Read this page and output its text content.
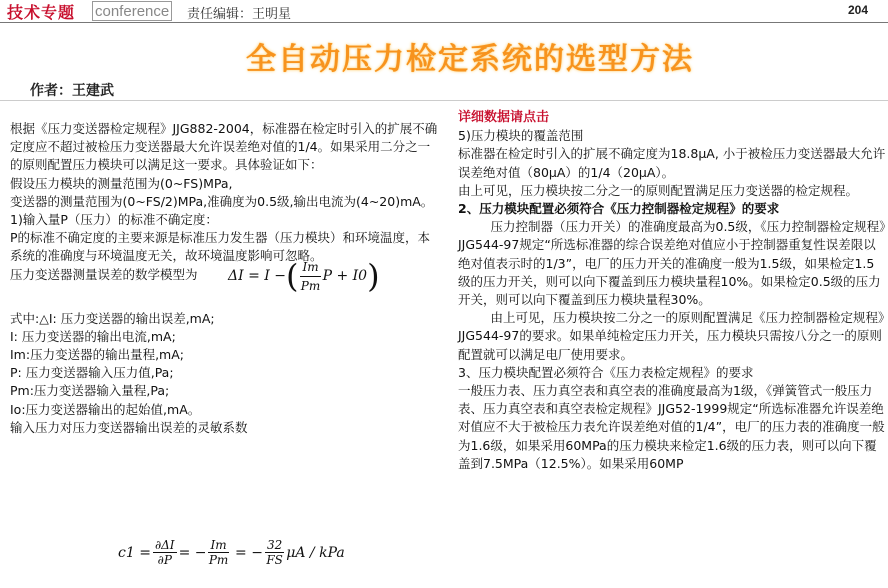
技术专题 conference 责任编辑：王明星	204
全自动压力检定系统的选型方法
作者：王建武

根据《压力变送器检定规程》JJG882-2004，标准器在检定时引入的扩展不确定度应不超过被检压力变送器最大允许误差绝对值的1/4。如果采用二分之一的原则配置压力模块可以满足这一要求。具体验证如下：

假设压力模块的测量范围为(0~FS)MPa,

变送器的测量范围为(0~FS/2)MPa,准确度为0.5级,输出电流为(4~20)mA。

1)输入量P（压力）的标准不确定度：

P的标准不确定度的主要来源是标准压力发生器（压力模块）和环境温度，本系统的准确度与环境温度无关，故环境温度影响可忽略。

压力变送器测量误差的数学模型为	ΔI = I − ( $\frac{Im}{Pm}$ P + I0 )

式中:△I: 压力变送器的输出误差,mA;

I: 压力变送器的输出电流,mA;

Im:压力变送器的输出量程,mA;

P: 压力变送器输入压力值,Pa;

Pm:压力变送器输入量程,Pa;

Io:压力变送器输出的起始值,mA。

输入压力对压力变送器输出误差的灵敏系数

$c1 = \frac{\partial\Delta I}{\partial P}$ = − $\frac{Im}{Pm}$ = − $\frac{32}{FS}$ μA / kPa

详细数据请点击

5)压力模块的覆盖范围

标准器在检定时引入的扩展不确定度为18.8μA, 小于被检压力变送器最大允许误差绝对值（80μA）的1/4（20μA）。

由上可见，压力模块按二分之一的原则配置满足压力变送器的检定规程。

2、压力模块配置必须符合《压力控制器检定规程》的要求

压力控制器（压力开关）的准确度最高为0.5级，《压力控制器检定规程》JJG544-97规定“所选标准器的综合误差绝对值应小于控制器重复性误差限以绝对值表示时的1/3”，电厂的压力开关的准确度一般为1.5级，如果检定1.5级的压力开关，则可以向下覆盖到压力模块量程10%。如果检定0.5级的压力开关，则可以向下覆盖到压力模块量程30%。

由上可见，压力模块按二分之一的原则配置满足《压力控制器检定规程》JJG544-97的要求。如果单纯检定压力开关，压力模块只需按八分之一的原则配置就可以满足电厂使用要求。

3、压力模块配置必须符合《压力表检定规程》的要求

一般压力表、压力真空表和真空表的准确度最高为1级，《弹簧管式一般压力表、压力真空表和真空表检定规程》JJG52-1999规定“所选标准器允许误差绝对值应不大于被检压力表允许误差绝对值的1/4”，电厂的压力表的准确度一般为1.6级，如果采用60MPa的压力模块来检定1.6级的压力表，则可以向下覆盖到7.5MPa（12.5%）。如果采用60MP
